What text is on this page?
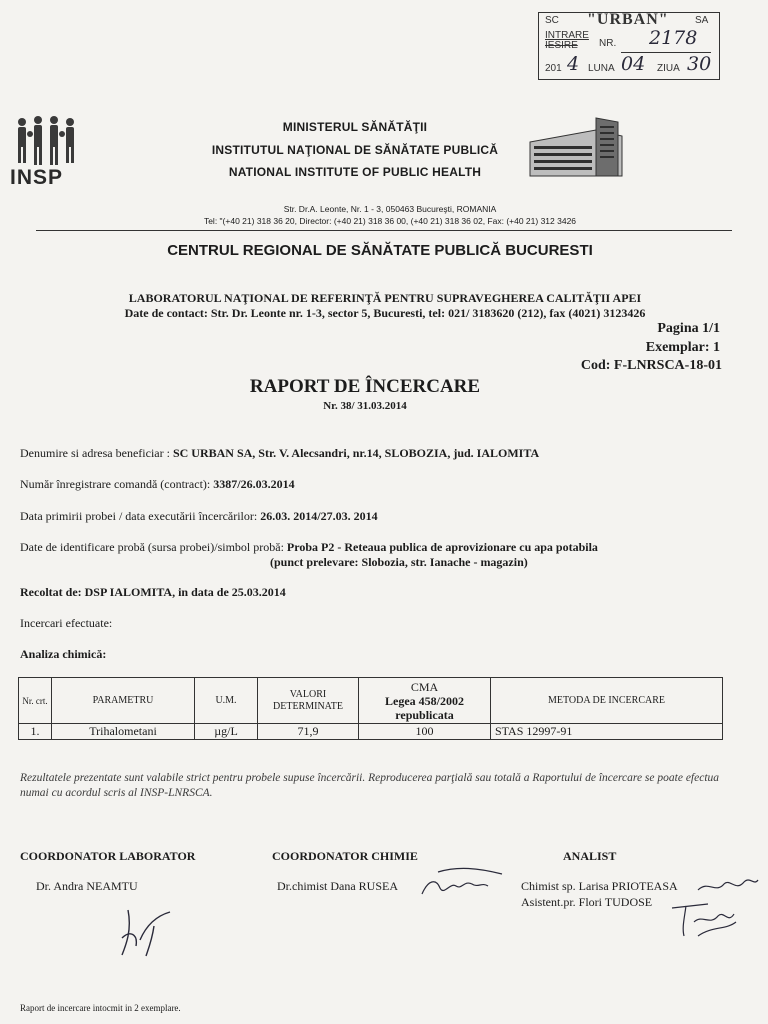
SC "URBAN"	SA
INTRARE
IESIRE NR. 2178
201 4 LUNA 04 ZIUA 30
INSP
MINISTERUL SĂNĂTĂŢII
INSTITUTUL NAŢIONAL DE SĂNĂTATE PUBLICĂ
NATIONAL INSTITUTE OF PUBLIC HEALTH
Str. Dr.A. Leonte, Nr. 1 - 3, 050463 Bucureşti, ROMANIA
Tel: "(+40 21) 318 36 20, Director: (+40 21) 318 36 00, (+40 21) 318 36 02, Fax: (+40 21) 312 3426
CENTRUL REGIONAL DE SĂNĂTATE PUBLICĂ BUCURESTI
LABORATORUL NAŢIONAL DE REFERINŢĂ PENTRU SUPRAVEGHEREA CALITĂŢII APEI
Date de contact: Str. Dr. Leonte nr. 1-3, sector 5, Bucuresti, tel: 021/ 3183620 (212), fax (4021) 3123426
Pagina 1/1
Exemplar: 1
Cod: F-LNRSCA-18-01
RAPORT DE ÎNCERCARE
Nr. 38/ 31.03.2014
Denumire si adresa beneficiar : SC URBAN SA, Str. V. Alecsandri, nr.14, SLOBOZIA, jud. IALOMITA
Număr înregistrare comandă (contract): 3387/26.03.2014
Data primirii probei / data executării încercărilor: 26.03. 2014/27.03. 2014
Date de identificare probă (sursa probei)/simbol probă: Proba P2 - Reteaua publica de aprovizionare cu apa potabila
(punct prelevare: Slobozia, str. Ianache - magazin)
Recoltat de: DSP IALOMITA, in data de 25.03.2014
Incercari efectuate:
Analiza chimică:
Nr. crt.	PARAMETRU	U.M.	VALORI DETERMINATE	CMA
Legea 458/2002
republicata	METODA DE INCERCARE
1.	Trihalometani	µg/L	71,9	100	STAS 12997-91
Rezultatele prezentate sunt valabile strict pentru probele supuse încercării. Reproducerea parţială sau totală a Raportului de încercare se poate efectua numai cu acordul scris al INSP-LNRSCA.
COORDONATOR LABORATOR	COORDONATOR CHIMIE	ANALIST
Dr. Andra NEAMTU	Dr.chimist Dana RUSEA	Chimist sp. Larisa PRIOTEASA
Asistent.pr. Flori TUDOSE
Raport de incercare intocmit in 2 exemplare.
